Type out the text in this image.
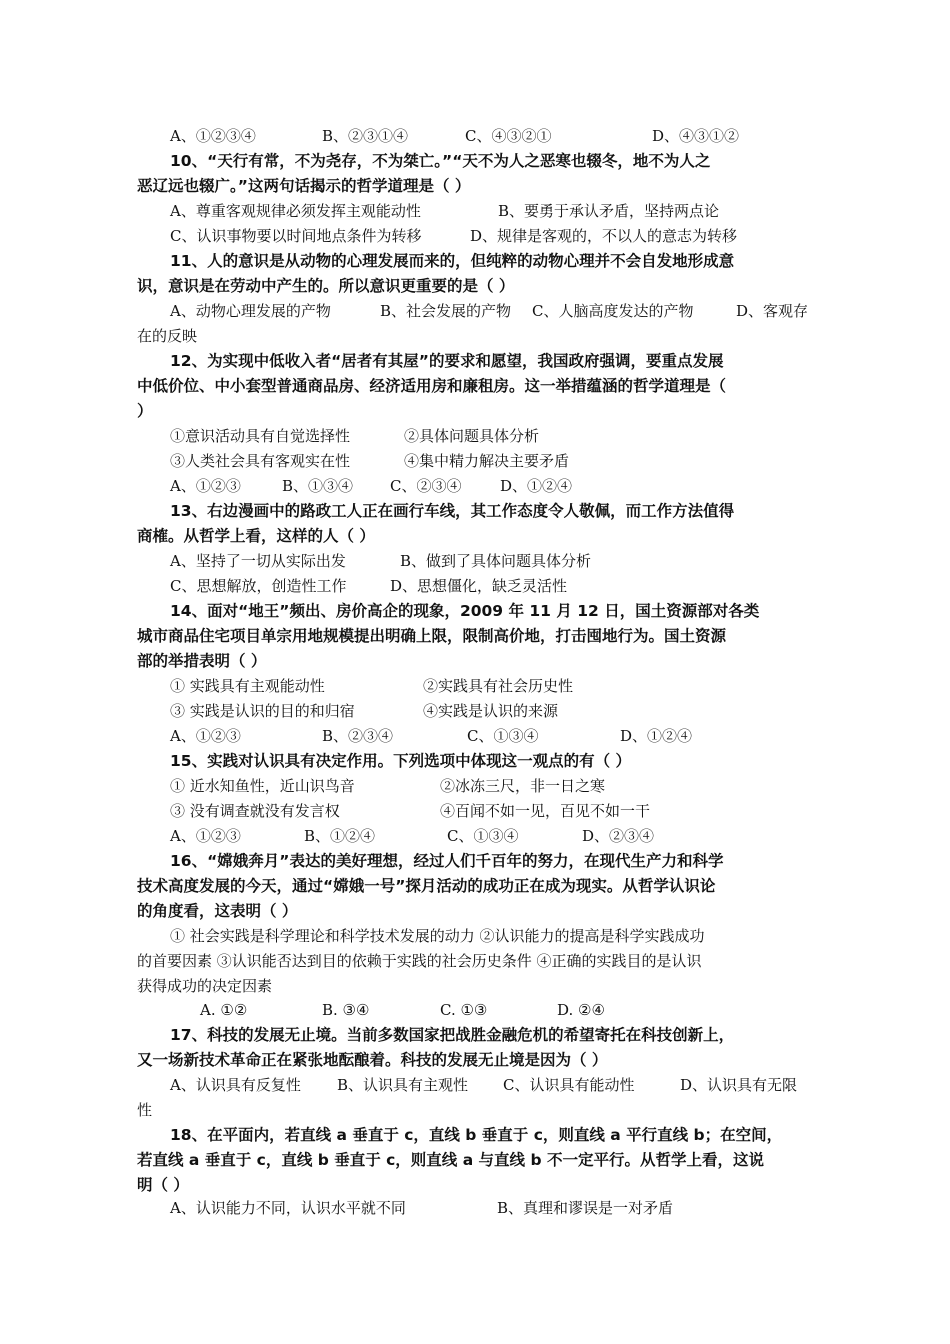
A、①②③④	B、②③①④	C、④③②①	D、④③①②
10、“天行有常，不为尧存，不为桀亡。”“天不为人之恶寒也辍冬，地不为人之
恶辽远也辍广。”这两句话揭示的哲学道理是（ ）
A、尊重客观规律必须发挥主观能动性	B、要勇于承认矛盾，坚持两点论
C、认识事物要以时间地点条件为转移	D、规律是客观的，不以人的意志为转移
11、人的意识是从动物的心理发展而来的，但纯粹的动物心理并不会自发地形成意
识，意识是在劳动中产生的。所以意识更重要的是（ ）
A、动物心理发展的产物	B、社会发展的产物 C、人脑高度发达的产物	D、客观存
在的反映
12、为实现中低收入者“居者有其屋”的要求和愿望，我国政府强调，要重点发展
中低价位、中小套型普通商品房、经济适用房和廉租房。这一举措蕴涵的哲学道理是（
）
①意识活动具有自觉选择性	②具体问题具体分析
③人类社会具有客观实在性	④集中精力解决主要矛盾
A、①②③	B、①③④ C、②③④	D、①②④
13、右边漫画中的路政工人正在画行车线，其工作态度令人敬佩，而工作方法值得
商榷。从哲学上看，这样的人（ ）
A、坚持了一切从实际出发	B、做到了具体问题具体分析
C、思想解放，创造性工作	D、思想僵化，缺乏灵活性
14、面对“地王”频出、房价高企的现象，2009 年 11 月 12 日，国土资源部对各类
城市商品住宅项目单宗用地规模提出明确上限，限制高价地，打击囤地行为。国土资源
部的举措表明（ ）
① 实践具有主观能动性	②实践具有社会历史性
③ 实践是认识的目的和归宿	④实践是认识的来源
A、①②③	B、②③④	C、①③④	D、①②④
15、实践对认识具有决定作用。下列选项中体现这一观点的有（ ）
① 近水知鱼性，近山识鸟音	②冰冻三尺，非一日之寒
③ 没有调查就没有发言权	④百闻不如一见，百见不如一干
A、①②③	B、①②④	C、①③④	D、②③④
16、“嫦娥奔月”表达的美好理想，经过人们千百年的努力，在现代生产力和科学
技术高度发展的今天，通过“嫦娥一号”探月活动的成功正在成为现实。从哲学认识论
的角度看，这表明（ ）
① 社会实践是科学理论和科学技术发展的动力 ②认识能力的提高是科学实践成功
的首要因素 ③认识能否达到目的依赖于实践的社会历史条件 ④正确的实践目的是认识
获得成功的决定因素
A. ①②	B. ③④	C. ①③	D. ②④
17、科技的发展无止境。当前多数国家把战胜金融危机的希望寄托在科技创新上，
又一场新技术革命正在紧张地酝酿着。科技的发展无止境是因为（ ）
A、认识具有反复性 B、认识具有主观性 C、认识具有能动性	D、认识具有无限
性
18、在平面内，若直线 a 垂直于 c，直线 b 垂直于 c，则直线 a 平行直线 b；在空间，
若直线 a 垂直于 c，直线 b 垂直于 c，则直线 a 与直线 b 不一定平行。从哲学上看，这说
明（ ）
A、认识能力不同，认识水平就不同	B、真理和谬误是一对矛盾
